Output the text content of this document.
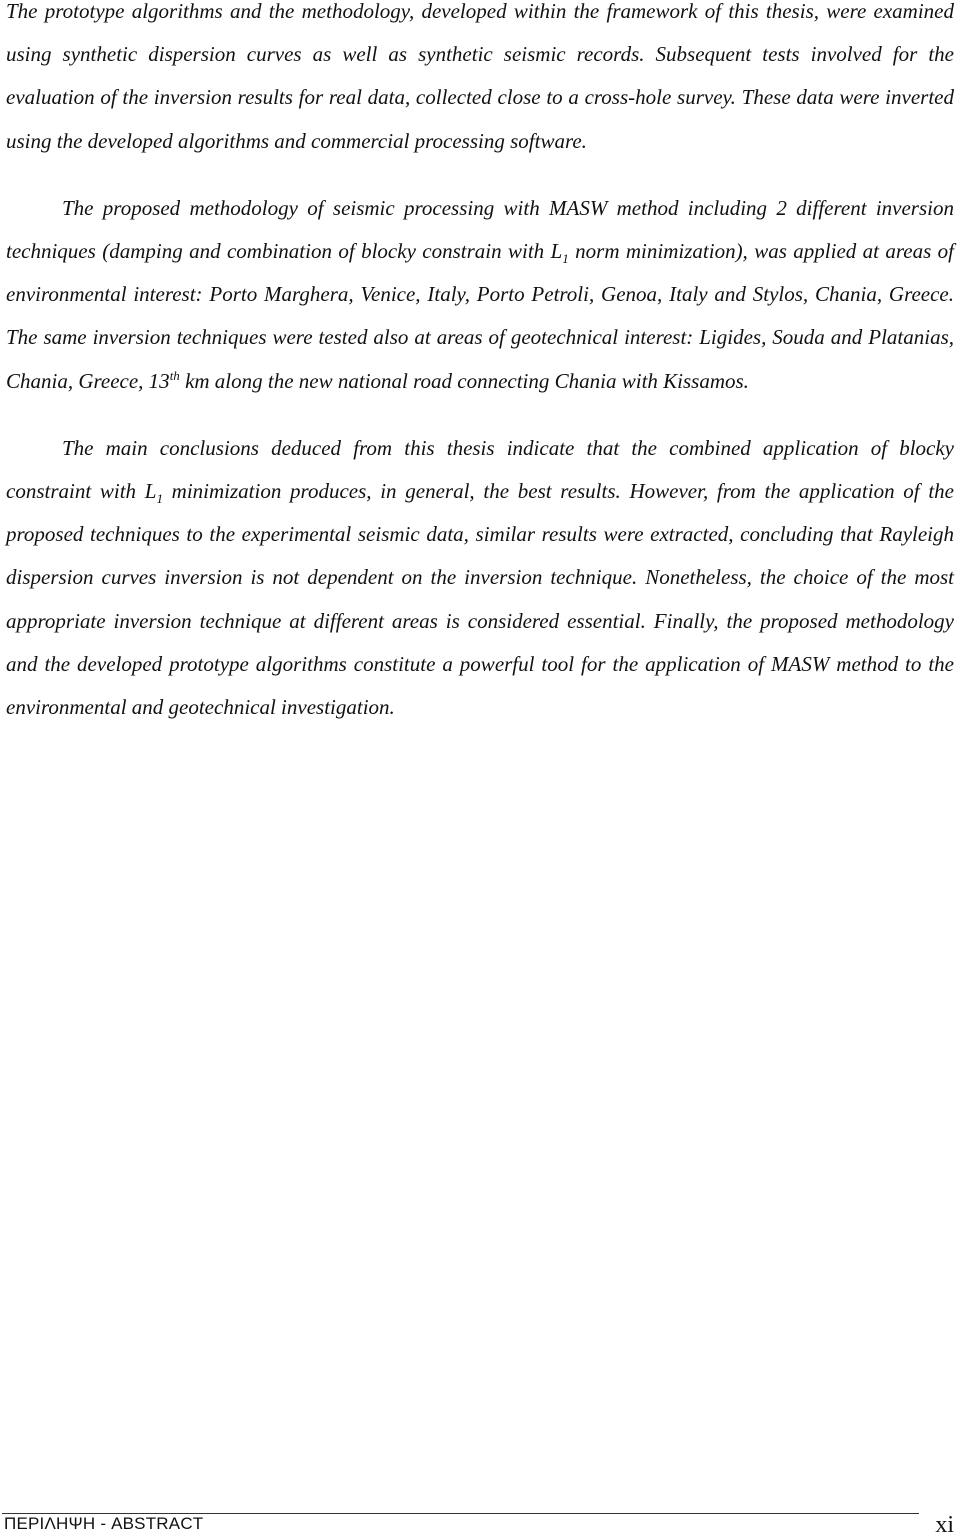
The prototype algorithms and the methodology, developed within the framework of this thesis, were examined using synthetic dispersion curves as well as synthetic seismic records. Subsequent tests involved for the evaluation of the inversion results for real data, collected close to a cross-hole survey. These data were inverted using the developed algorithms and commercial processing software.

The proposed methodology of seismic processing with MASW method including 2 different inversion techniques (damping and combination of blocky constrain with $L_1$ norm minimization), was applied at areas of environmental interest: Porto Marghera, Venice, Italy, Porto Petroli, Genoa, Italy and Stylos, Chania, Greece. The same inversion techniques were tested also at areas of geotechnical interest: Ligides, Souda and Platanias, Chania, Greece, 13th km along the new national road connecting Chania with Kissamos.

The main conclusions deduced from this thesis indicate that the combined application of blocky constraint with $L_1$ minimization produces, in general, the best results. However, from the application of the proposed techniques to the experimental seismic data, similar results were extracted, concluding that Rayleigh dispersion curves inversion is not dependent on the inversion technique. Nonetheless, the choice of the most appropriate inversion technique at different areas is considered essential. Finally, the proposed methodology and the developed prototype algorithms constitute a powerful tool for the application of MASW method to the environmental and geotechnical investigation.

ΠΕΡΙΛΗΨΗ - ABSTRACT	xi
